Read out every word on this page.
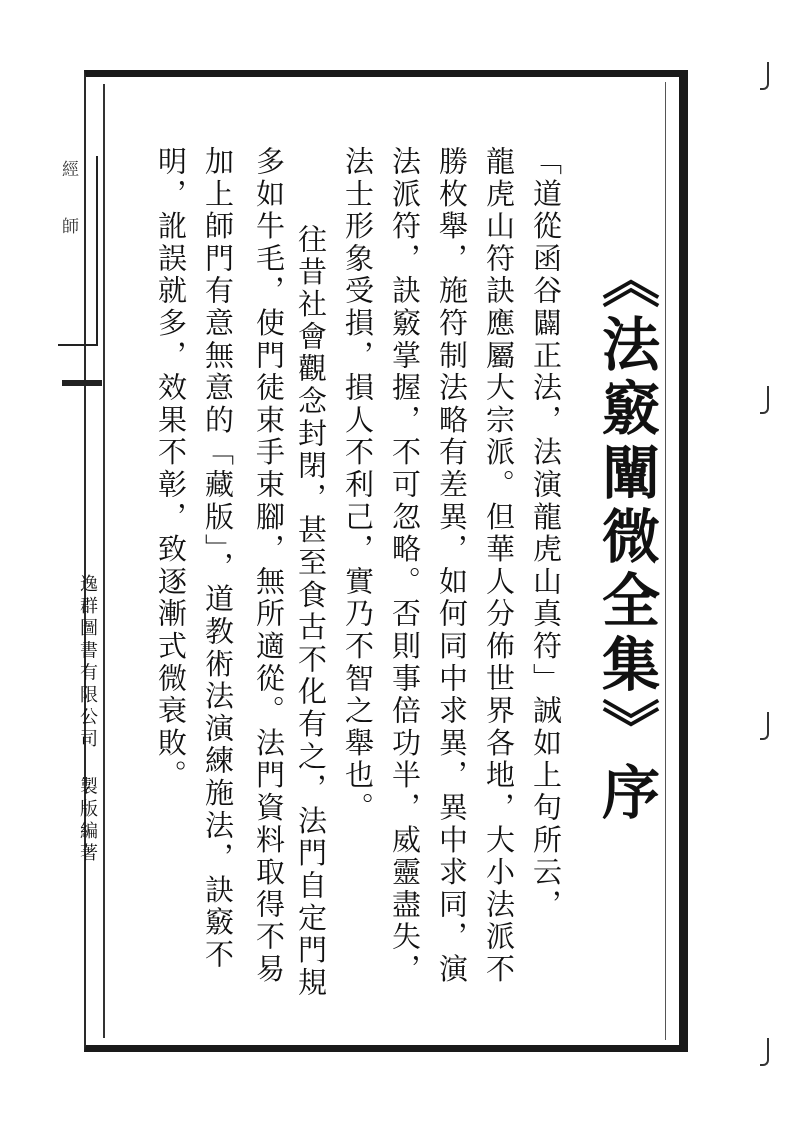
經師
《法竅闡微全集》序
「道從函谷闢正法，法演龍虎山真符」誠如上句所云，
龍虎山符訣應屬大宗派。但華人分佈世界各地，大小法派不
勝枚舉，施符制法略有差異，如何同中求異，異中求同，演
法派符，訣竅掌握，不可忽略。否則事倍功半，威靈盡失，
法士形象受損，損人不利己，實乃不智之舉也。
往昔社會觀念封閉，甚至食古不化有之，法門自定門規
多如牛毛，使門徒束手束腳，無所適從。法門資料取得不易
加上師門有意無意的「藏版」，道教術法演練施法，訣竅不
明，訛誤就多，效果不彰，致逐漸式微衰敗。
逸群圖書有限公司 製版編著
